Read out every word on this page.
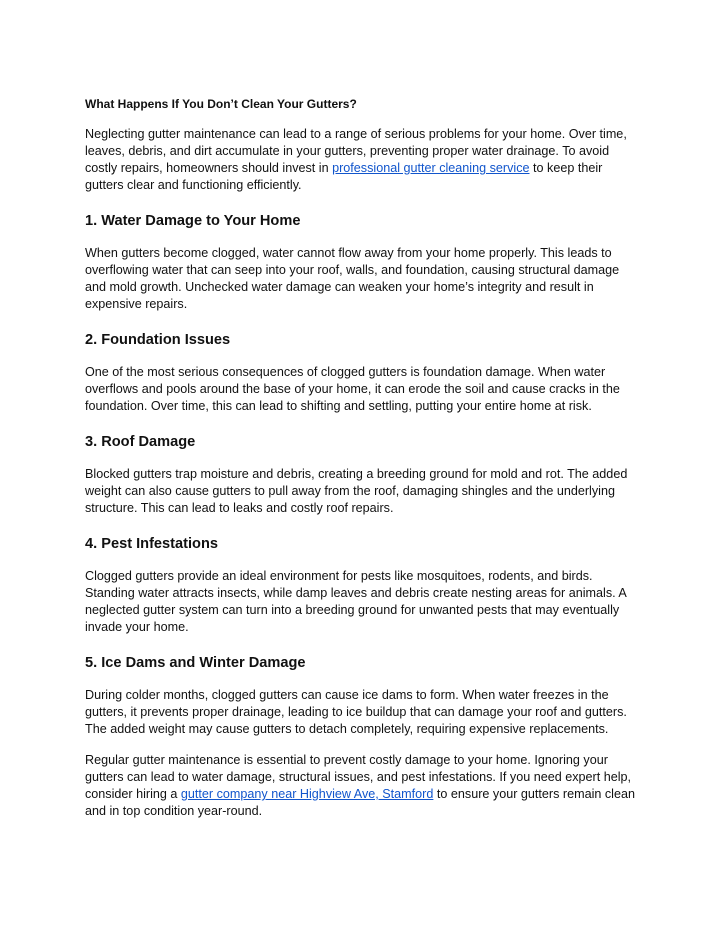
What Happens If You Don’t Clean Your Gutters?

Neglecting gutter maintenance can lead to a range of serious problems for your home. Over time, leaves, debris, and dirt accumulate in your gutters, preventing proper water drainage. To avoid costly repairs, homeowners should invest in professional gutter cleaning service to keep their gutters clear and functioning efficiently.

1. Water Damage to Your Home

When gutters become clogged, water cannot flow away from your home properly. This leads to overflowing water that can seep into your roof, walls, and foundation, causing structural damage and mold growth. Unchecked water damage can weaken your home’s integrity and result in expensive repairs.

2. Foundation Issues

One of the most serious consequences of clogged gutters is foundation damage. When water overflows and pools around the base of your home, it can erode the soil and cause cracks in the foundation. Over time, this can lead to shifting and settling, putting your entire home at risk.

3. Roof Damage

Blocked gutters trap moisture and debris, creating a breeding ground for mold and rot. The added weight can also cause gutters to pull away from the roof, damaging shingles and the underlying structure. This can lead to leaks and costly roof repairs.

4. Pest Infestations

Clogged gutters provide an ideal environment for pests like mosquitoes, rodents, and birds. Standing water attracts insects, while damp leaves and debris create nesting areas for animals. A neglected gutter system can turn into a breeding ground for unwanted pests that may eventually invade your home.

5. Ice Dams and Winter Damage

During colder months, clogged gutters can cause ice dams to form. When water freezes in the gutters, it prevents proper drainage, leading to ice buildup that can damage your roof and gutters. The added weight may cause gutters to detach completely, requiring expensive replacements.

Regular gutter maintenance is essential to prevent costly damage to your home. Ignoring your gutters can lead to water damage, structural issues, and pest infestations. If you need expert help, consider hiring a gutter company near Highview Ave, Stamford to ensure your gutters remain clean and in top condition year-round.
